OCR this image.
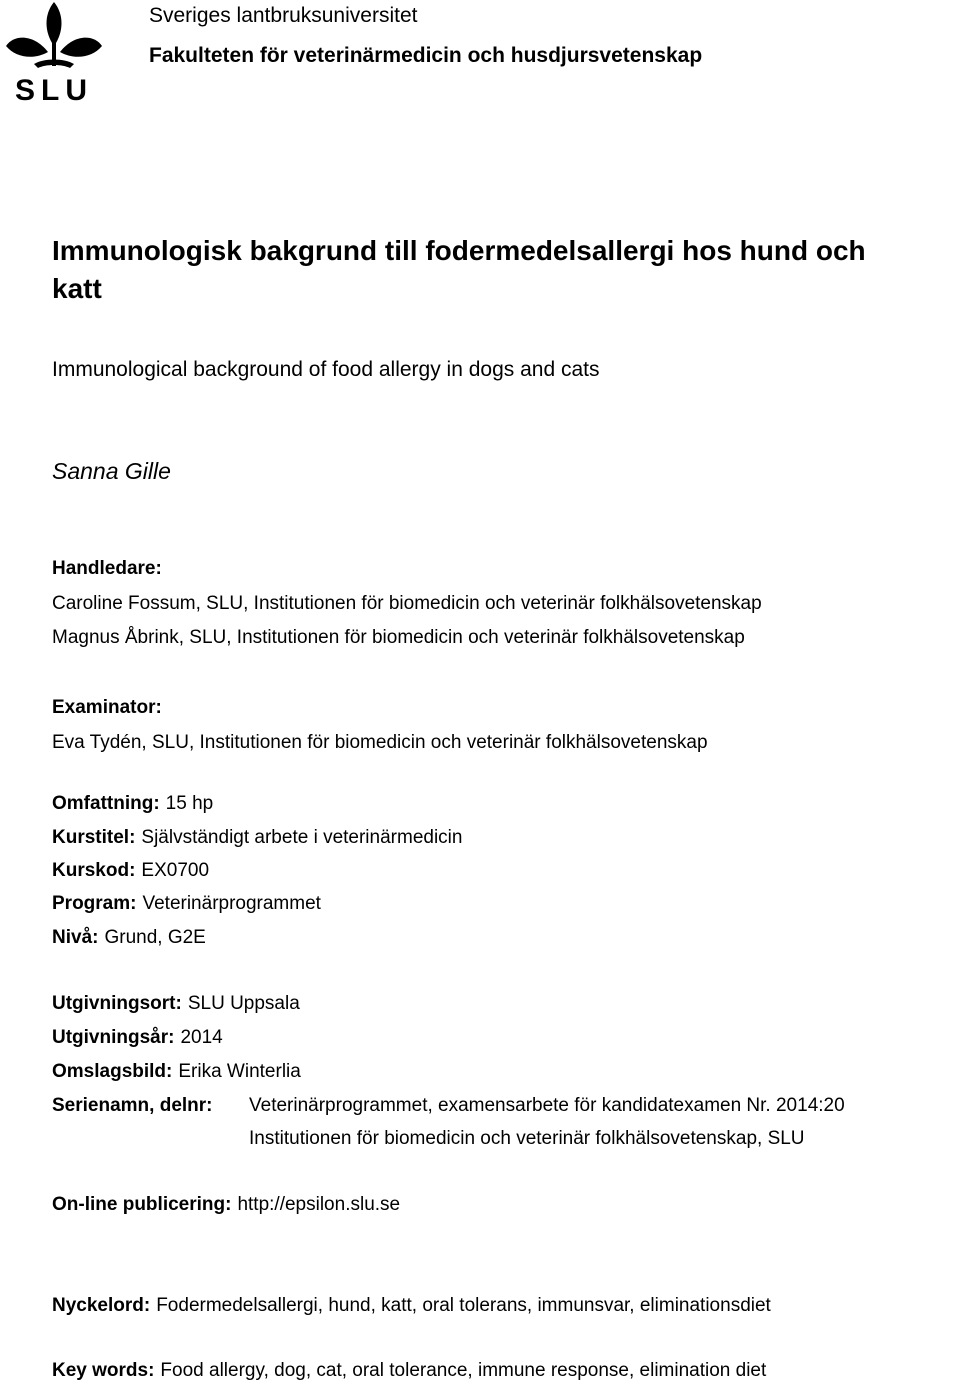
SLU
Sveriges lantbruksuniversitet
Fakulteten för veterinärmedicin och husdjursvetenskap
Immunologisk bakgrund till fodermedelsallergi hos hund och
katt
Immunological background of food allergy in dogs and cats
Sanna Gille
Handledare:
Caroline Fossum, SLU, Institutionen för biomedicin och veterinär folkhälsovetenskap
Magnus Åbrink, SLU, Institutionen för biomedicin och veterinär folkhälsovetenskap
Examinator:
Eva Tydén, SLU, Institutionen för biomedicin och veterinär folkhälsovetenskap
Omfattning: 15 hp
Kurstitel: Självständigt arbete i veterinärmedicin
Kurskod: EX0700
Program: Veterinärprogrammet
Nivå: Grund, G2E
Utgivningsort: SLU Uppsala
Utgivningsår: 2014
Omslagsbild: Erika Winterlia
Serienamn, delnr: Veterinärprogrammet, examensarbete för kandidatexamen Nr. 2014:20
Institutionen för biomedicin och veterinär folkhälsovetenskap, SLU
On-line publicering: http://epsilon.slu.se
Nyckelord: Fodermedelsallergi, hund, katt, oral tolerans, immunsvar, eliminationsdiet
Key words: Food allergy, dog, cat, oral tolerance, immune response, elimination diet
